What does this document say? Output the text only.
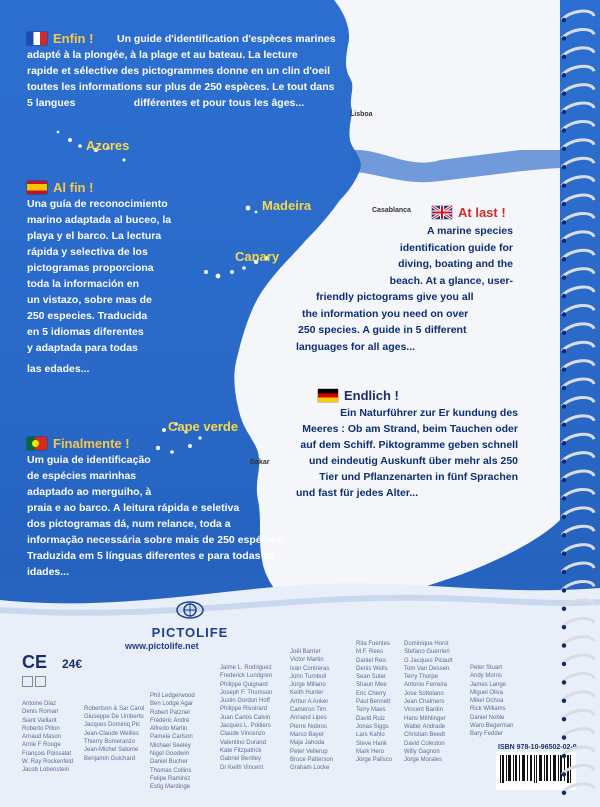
Lisboa
Casablanca
Dakar
Azores
Madeira
Canary
Cape verde
Enfin !	Un guide d'identification d'espèces marines
adapté à la plongée, à la plage et au bateau. La lecture
rapide et sélective des pictogrammes donne en un clin d'oeil
toutes les informations sur plus de 250 espèces. Le tout dans
5 langues                    différentes et pour tous les âges...
Al fin !
Una guía de reconocimiento
marino adaptada al buceo, la
playa y el barco. La lectura
rápida y selectiva de los
pictogramas proporciona
toda la información en
un vistazo, sobre mas de
250 especies. Traducida
en 5 idiomas diferentes
y adaptada para todas
las edades...
At last !
A marine species
identification guide for
diving, boating and the
beach. At a glance, user-
friendly pictograms give you all
the information you need on over
250 species. A guide in 5 different
languages for all ages...
Endlich !
Ein Naturführer zur Er kundung des
Meeres : Ob am Strand, beim Tauchen oder
auf dem Schiff. Piktogramme geben schnell
und eindeutig Auskunft über mehr als 250
Tier und Pflanzenarten in fünf Sprachen
und fast für jedes Alter...
Finalmente !
Um guia de identificação
de espécies marinhas
adaptado ao merguiho, à
praia e ao barco. A leitura rápida e seletiva
dos pictogramas dá, num relance, toda a
informação necessária sobre mais de 250 espécies.
Traduzida em 5 línguas diferentes e para todas as
idades...
PICTOLIFE
www.pictolife.net
CE 24€
Antoine Diaz
Denis Roman
Siant Vaillant
Roberto Pillon
Arnaud Mason
Arnie F Rouge
François Poissalat
W. Ray Rockenfeld
Jacob Lobenstein

Robertson & Sar Carol
Giuseppe De Umberto
Jacques Dominiq Pic
Jean-Claude Weilles
Thierry Bomeranzo
Jean-Michel Salome
Benjamin Guichard
Phil Ledgerwood
Ben Lodge Agar
Robert Patzner
Frédéric André
Alfredo Martin
Pamela Carlson
Michael Seeley
Nigel Goodwin
Daniel Bucher
Thomas Collins
Felipe Ramirez
Estig Mardinge
Jaime L. Rodriguez
Frederick Lundgren
Philippe Quignard
Joseph F. Thomson
Justin Gordon Hoff
Philippe Rivoirard
Juan Carlos Calvin
Jacques L. Poitiers
Claude Vincenzo
Valentino Durand
Kate Fitzpatrick
Gabriel Bentley
Dr Keith Vincent
Joël Barrier
Victor Martin
Ivan Contreras
John Turnbull
Jorge Millano
Keith Hunter
Arthur A Anker
Cameron Tim
Annand Lipes
Pierre Nobros
Marco Bayer
Maja Jahoda
Peter Vellerup
Bruce Patterson
Graham Locke
Rita Fuentes
M.F. Rees
Daniel Reo
Denis Wells
Sean Suter
Shaun Mee
Eric Cherry
Paul Bennett
Terry Maes
David Ruiz
Jonas Siggs
Lars Kahlo
Steve Hank
Mark Hero
Jorge Palisco
Dominique Horst
Stefano Guerrieri
G Jacques Picault
Tom Van Dessen
Terry Thorpe
Antonio Ferreira
Jose Sottolano
Jean Chalmers
Vincent Bardin
Hans Mithlinger
Walter Andrade
Christian Beedt
David Coleston
Willy Gagnon
Jorge Morales
Peter Stuart
Andy Morris
James Lange
Miguel Oliva
Mikel Ochoa
Rick Williams
Daniel Noble
Waro Begerman
Bary Fedder
ISBN 978-10-96502-02-9
